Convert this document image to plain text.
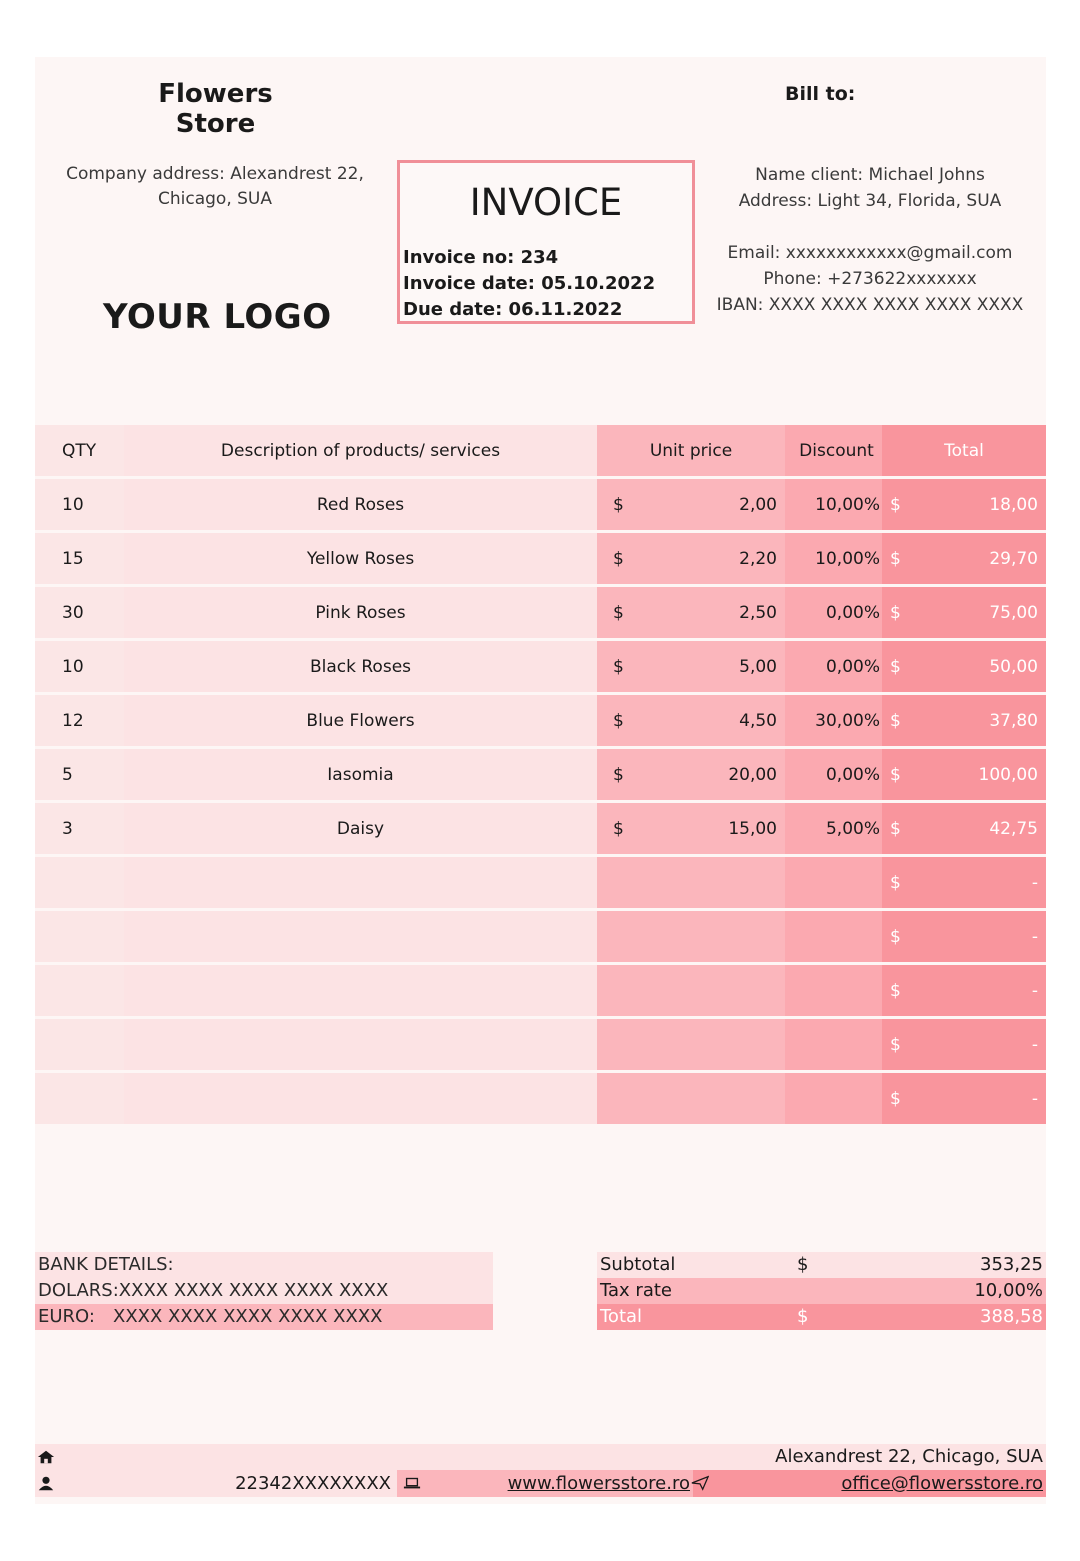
Flowers Store
Company address: Alexandrest 22,
Chicago, SUA
YOUR LOGO
INVOICE
Invoice no: 234
Invoice date: 05.10.2022
Due date: 06.11.2022
Bill to:
Name client: Michael Johns
Address: Light 34, Florida, SUA
Email: xxxxxxxxxxxx@gmail.com
Phone: +273622xxxxxxx
IBAN: XXXX XXXX XXXX XXXX XXXX
QTY	Description of products/ services	Unit price	Discount	Total
10	Red Roses	$ 2,00	10,00%	$ 18,00

15	Yellow Roses	$ 2,20	10,00%	$ 29,70

30	Pink Roses	$ 2,50	0,00%	$ 75,00

10	Black Roses	$ 5,00	0,00%	$ 50,00

12	Blue Flowers	$ 4,50	30,00%	$ 37,80

5	Iasomia	$ 20,00	0,00%	$ 100,00

3	Daisy	$ 15,00	5,00%	$ 42,75

				$ -

				$ -

				$ -

				$ -

				$ -
BANK DETAILS:
DOLARS:XXXX XXXX XXXX XXXX XXXX
EURO: XXXX XXXX XXXX XXXX XXXX
Subtotal	$	353,25
Tax rate	10,00%
Total	$	388,58
Alexandrest 22, Chicago, SUA
22342XXXXXXXX	www.flowersstore.ro	office@flowersstore.ro
